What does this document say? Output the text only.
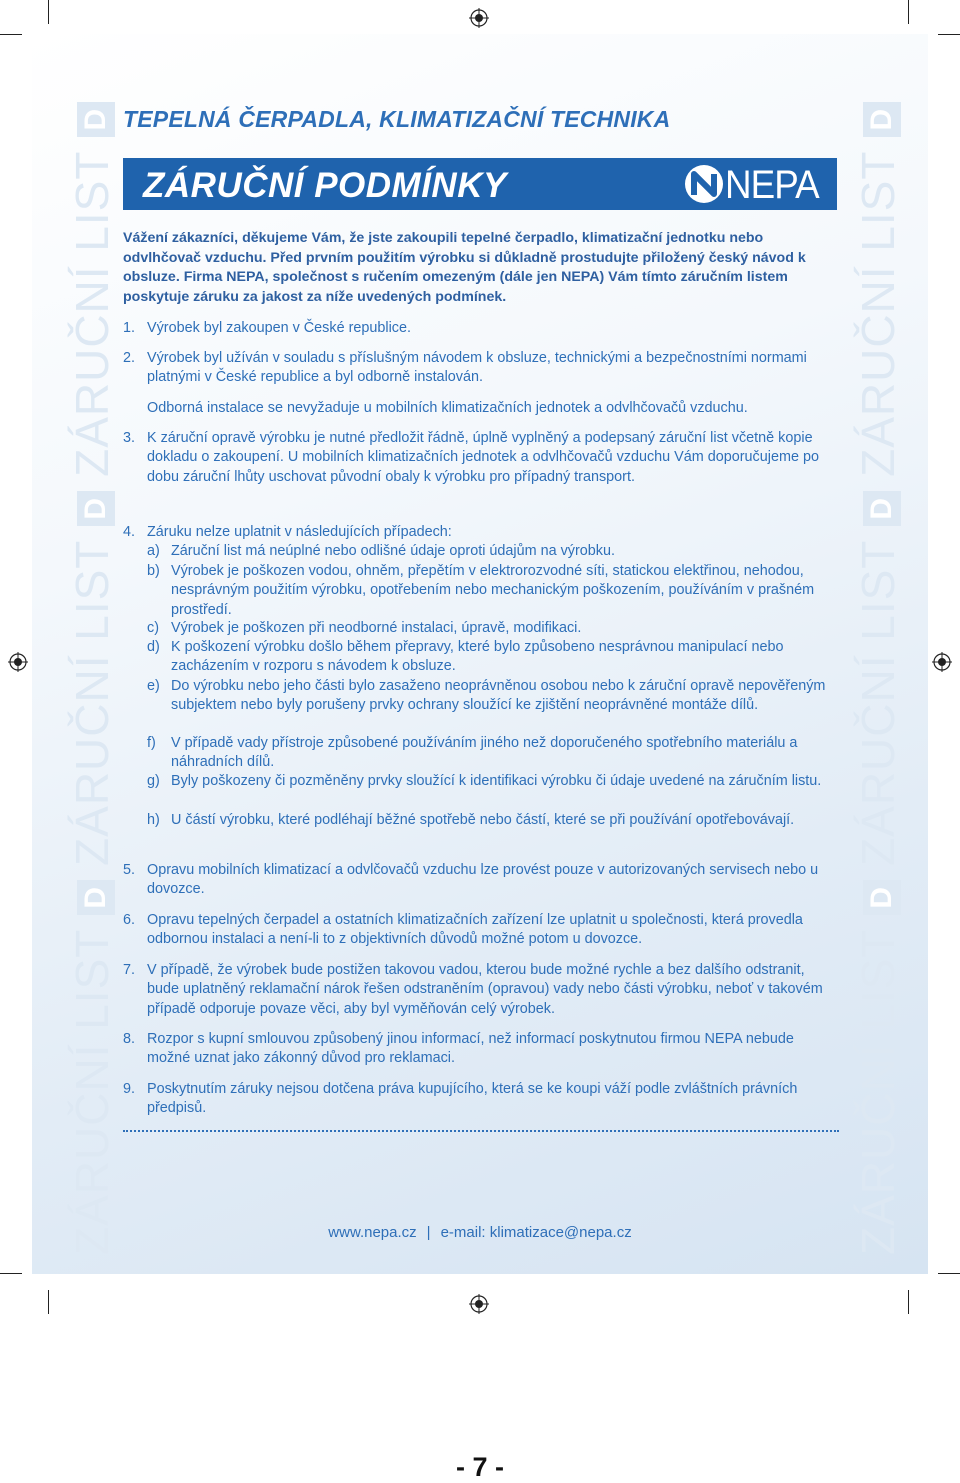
ZÁRUČNÍ LISTDZÁRUČNÍ LISTDZÁRUČNÍ LISTD
ZÁRUČNÍ LISTDZÁRUČNÍ LISTDZÁRUČNÍ LISTD
TEPELNÁ ČERPADLA, KLIMATIZAČNÍ TECHNIKA
ZÁRUČNÍ PODMÍNKY	NEPA
Vážení zákazníci, děkujeme Vám, že jste zakoupili tepelné čerpadlo, klimatizační jednotku nebo odvlhčovač vzduchu. Před prvním použitím výrobku si důkladně prostudujte přiložený český návod k obsluze. Firma NEPA, společnost s ručením omezeným (dále jen NEPA) Vám tímto záručním listem poskytuje záruku za jakost za níže uvedených podmínek.
1. Výrobek byl zakoupen v České republice.
2. Výrobek byl užíván v souladu s příslušným návodem k obsluze, technickými a bezpečnostními normami platnými v České republice a byl odborně instalován.
Odborná instalace se nevyžaduje u mobilních klimatizačních jednotek a odvlhčovačů vzduchu.
3. K záruční opravě výrobku je nutné předložit řádně, úplně vyplněný a podepsaný záruční list včetně kopie dokladu o zakoupení. U mobilních klimatizačních jednotek a odvlhčovačů vzduchu Vám doporučujeme po dobu záruční lhůty uschovat původní obaly k výrobku pro případný transport.
4. Záruku nelze uplatnit v následujících případech:
a) Záruční list má neúplné nebo odlišné údaje oproti údajům na výrobku.
b) Výrobek je poškozen vodou, ohněm, přepětím v elektrorozvodné síti, statickou elektřinou, nehodou, nesprávným použitím výrobku, opotřebením nebo mechanickým poškozením, používáním v prašném prostředí.
c) Výrobek je poškozen při neodborné instalaci, úpravě, modifikaci.
d) K poškození výrobku došlo během přepravy, které bylo způsobeno nesprávnou manipulací nebo zacházením v rozporu s návodem k obsluze.
e) Do výrobku nebo jeho části bylo zasaženo neoprávněnou osobou nebo k záruční opravě nepověřeným subjektem nebo byly porušeny prvky ochrany sloužící ke zjištění neoprávněné montáže dílů.
f) V případě vady přístroje způsobené používáním jiného než doporučeného spotřebního materiálu a náhradních dílů.
g) Byly poškozeny či pozměněny prvky sloužící k identifikaci výrobku či údaje uvedené na záručním listu.
h) U částí výrobku, které podléhají běžné spotřebě nebo částí, které se při používání opotřebovávají.
5. Opravu mobilních klimatizací a odvlčovačů vzduchu lze provést pouze v autorizovaných servisech nebo u dovozce.
6. Opravu tepelných čerpadel a ostatních klimatizačních zařízení lze uplatnit u společnosti, která provedla odbornou instalaci a není-li to z objektivních důvodů možné potom u dovozce.
7. V případě, že výrobek bude postižen takovou vadou, kterou bude možné rychle a bez dalšího odstranit, bude uplatněný reklamační nárok řešen odstraněním (opravou) vady nebo části výrobku, neboť v takovém případě odporuje povaze věci, aby byl vyměňován celý výrobek.
8. Rozpor s kupní smlouvou způsobený jinou informací, než informací poskytnutou firmou NEPA nebude možné uznat jako zákonný důvod pro reklamaci.
9. Poskytnutím záruky nejsou dotčena práva kupujícího, která se ke koupi váží podle zvláštních právních předpisů.
www.nepa.cz | e-mail: klimatizace@nepa.cz
- 7 -
